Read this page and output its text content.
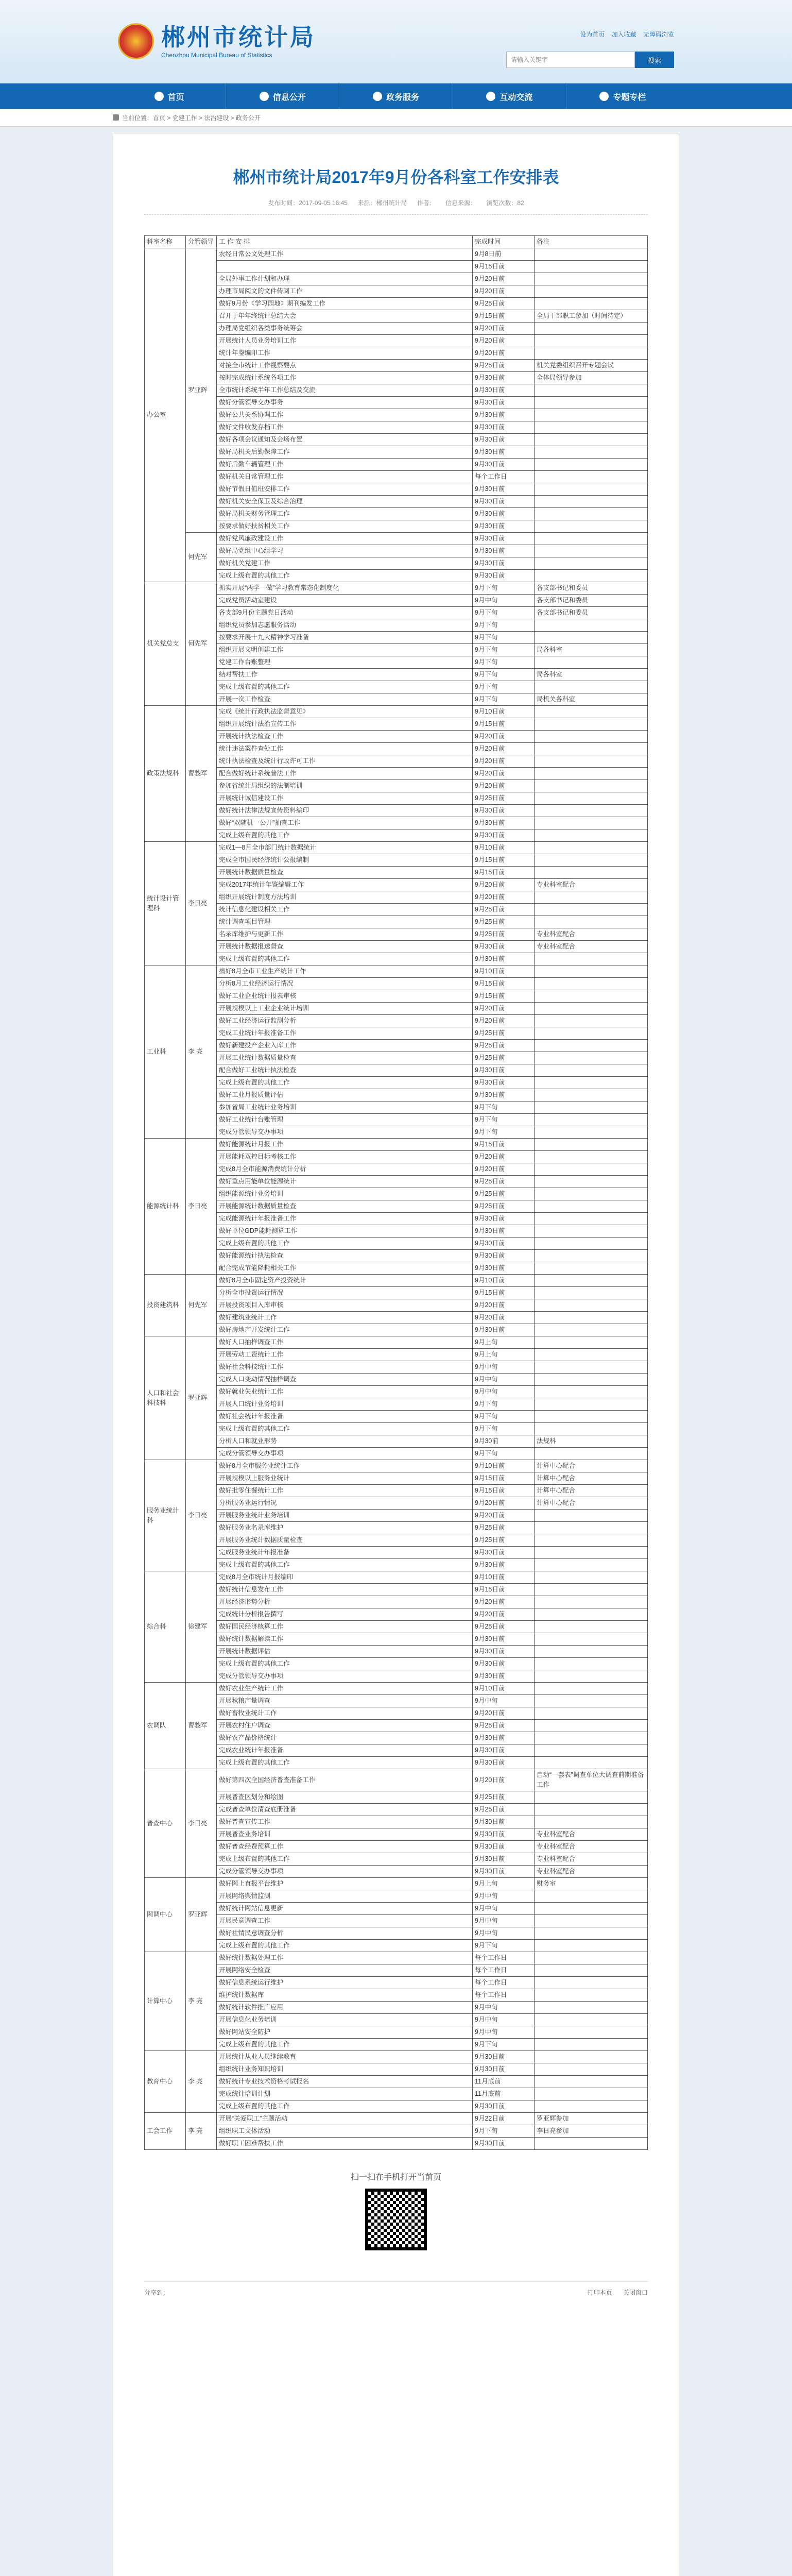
郴州市统计局
Chenzhou Municipal Bureau of Statistics
设为首页 加入收藏 无障碍浏览
请输入关键字
搜索
首页	信息公开	政务服务	互动交流	专题专栏
当前位置：首页 > 党建工作 > 法治建设 > 政务公开
郴州市统计局2017年9月份各科室工作安排表
发布时间：2017-09-05 16:45 来源：郴州统计局 作者： 信息来源： 浏览次数：82
科室名称	分管领导	工 作 安 排	完成时间	备注
办公室	罗亚辉	农经日常公文处理工作	9月8日前	
			9月15日前	
		全局外事工作计划和办理	9月20日前	
		办理市局阅文的文件传阅工作	9月20日前	
		做好9月份《学习园地》期刊编发工作	9月25日前	
		召开于年年终统计总结大会	9月15日前	全局干部职工参加（时间待定）
		办理局党组织各类事务统筹会	9月20日前	
		开展统计人员业务培训工作	9月20日前	
		统计年鉴编印工作	9月20日前	
		对接全市统计工作视察要点	9月25日前	机关党委组织召开专题会议
		按时完成统计系统各项工作	9月30日前	全体局领导参加
		全市统计系统半年工作总结及交流	9月30日前	
		做好分管领导交办事务	9月30日前	
		做好公共关系协调工作	9月30日前	
		做好文件收发存档工作	9月30日前	
		做好各项会议通知及会场布置	9月30日前	
		做好局机关后勤保障工作	9月30日前	
		做好后勤车辆管理工作	9月30日前	
		做好机关日常管理工作	每个工作日	
		做好节假日值班安排工作	9月30日前	
		做好机关安全保卫及综合治理	9月30日前	
		做好局机关财务管理工作	9月30日前	
		按要求做好扶贫相关工作	9月30日前	
	何先军	做好党风廉政建设工作	9月30日前	
		做好局党组中心组学习	9月30日前	
		做好机关党建工作	9月30日前	
		完成上级布置的其他工作	9月30日前	
机关党总支	何先军	抓实开展“两学一做”学习教育常态化制度化	9月下旬	各支部书记和委员
		完成党员活动室建设	9月中旬	各支部书记和委员
		各支部9月份主题党日活动	9月下旬	各支部书记和委员
		组织党员参加志愿服务活动	9月下旬	
		按要求开展十九大精神学习准备	9月下旬	
		组织开展文明创建工作	9月下旬	局各科室
		党建工作台账整理	9月下旬	
		结对帮扶工作	9月下旬	局各科室
		完成上级布置的其他工作	9月下旬	
		开展一次工作检查	9月下旬	局机关各科室
政策法规科	曹骏军	完成《统计行政执法监督意见》	9月10日前	
		组织开展统计法治宣传工作	9月15日前	
		开展统计执法检查工作	9月20日前	
		统计违法案件查处工作	9月20日前	
		统计执法检查及统计行政许可工作	9月20日前	
		配合做好统计系统普法工作	9月20日前	
		参加省统计局组织的法制培训	9月20日前	
		开展统计诚信建设工作	9月25日前	
		做好统计法律法规宣传资料编印	9月30日前	
		做好“双随机一公开”抽查工作	9月30日前	
		完成上级布置的其他工作	9月30日前	
统计设计管理科	李日亮	完成1—8月全市部门统计数据统计	9月10日前	
		完成全市国民经济统计公报编制	9月15日前	
		开展统计数据质量检查	9月15日前	
		完成2017年统计年鉴编辑工作	9月20日前	专业科室配合
		组织开展统计制度方法培训	9月20日前	
		统计信息化建设相关工作	9月25日前	
		统计调查项目管理	9月25日前	
		名录库维护与更新工作	9月25日前	专业科室配合
		开展统计数据报送督查	9月30日前	专业科室配合
		完成上级布置的其他工作	9月30日前	
工业科	李 亮	搞好8月全市工业生产统计工作	9月10日前	
		分析8月工业经济运行情况	9月15日前	
		做好工业企业统计报表审核	9月15日前	
		开展规模以上工业企业统计培训	9月20日前	
		做好工业经济运行监测分析	9月20日前	
		完成工业统计年报准备工作	9月25日前	
		做好新建投产企业入库工作	9月25日前	
		开展工业统计数据质量检查	9月25日前	
		配合做好工业统计执法检查	9月30日前	
		完成上级布置的其他工作	9月30日前	
		做好工业月报质量评估	9月30日前	
		参加省局工业统计业务培训	9月下旬	
		做好工业统计台账管理	9月下旬	
		完成分管领导交办事项	9月下旬	
能源统计科	李日亮	做好能源统计月报工作	9月15日前	
		开展能耗双控目标考核工作	9月20日前	
		完成8月全市能源消费统计分析	9月20日前	
		做好重点用能单位能源统计	9月25日前	
		组织能源统计业务培训	9月25日前	
		开展能源统计数据质量检查	9月25日前	
		完成能源统计年报准备工作	9月30日前	
		做好单位GDP能耗测算工作	9月30日前	
		完成上级布置的其他工作	9月30日前	
		做好能源统计执法检查	9月30日前	
		配合完成节能降耗相关工作	9月30日前	
投资建筑科	何先军	做好8月全市固定资产投资统计	9月10日前	
		分析全市投资运行情况	9月15日前	
		开展投资项目入库审核	9月20日前	
		做好建筑业统计工作	9月20日前	
		做好房地产开发统计工作	9月30日前	
人口和社会科技科	罗亚辉	做好人口抽样调查工作	9月上旬	
		开展劳动工资统计工作	9月上旬	
		做好社会科技统计工作	9月中旬	
		完成人口变动情况抽样调查	9月中旬	
		做好就业失业统计工作	9月中旬	
		开展人口统计业务培训	9月下旬	
		做好社会统计年报准备	9月下旬	
		完成上级布置的其他工作	9月下旬	
		分析人口和就业形势	9月30前	法规科
		完成分管领导交办事项	9月下旬	
服务业统计科	李日亮	做好8月全市服务业统计工作	9月10日前	计算中心配合
		开展规模以上服务业统计	9月15日前	计算中心配合
		做好批零住餐统计工作	9月15日前	计算中心配合
		分析服务业运行情况	9月20日前	计算中心配合
		开展服务业统计业务培训	9月20日前	
		做好服务业名录库维护	9月25日前	
		开展服务业统计数据质量检查	9月25日前	
		完成服务业统计年报准备	9月30日前	
		完成上级布置的其他工作	9月30日前	
综合科	徐建军	完成8月全市统计月报编印	9月10日前	
		做好统计信息发布工作	9月15日前	
		开展经济形势分析	9月20日前	
		完成统计分析报告撰写	9月20日前	
		做好国民经济核算工作	9月25日前	
		做好统计数据解读工作	9月30日前	
		开展统计数据评估	9月30日前	
		完成上级布置的其他工作	9月30日前	
		完成分管领导交办事项	9月30日前	
农调队	曹骏军	做好农业生产统计工作	9月10日前	
		开展秋粮产量调查	9月中旬	
		做好畜牧业统计工作	9月20日前	
		开展农村住户调查	9月25日前	
		做好农产品价格统计	9月30日前	
		完成农业统计年报准备	9月30日前	
		完成上级布置的其他工作	9月30日前	
普查中心	李日亮	做好第四次全国经济普查准备工作	9月20日前	启动“一套表”调查单位大调查前期准备工作
		开展普查区划分和绘图	9月25日前	
		完成普查单位清查底册准备	9月25日前	
		做好普查宣传工作	9月30日前	
		开展普查业务培训	9月30日前	专业科室配合
		做好普查经费预算工作	9月30日前	专业科室配合
		完成上级布置的其他工作	9月30日前	专业科室配合
		完成分管领导交办事项	9月30日前	专业科室配合
网调中心	罗亚辉	做好网上直报平台维护	9月上旬	财务室
		开展网络舆情监测	9月中旬	
		做好统计网站信息更新	9月中旬	
		开展民意调查工作	9月中旬	
		做好社情民意调查分析	9月中旬	
		完成上级布置的其他工作	9月下旬	
计算中心	李 亮	做好统计数据处理工作	每个工作日	
		开展网络安全检查	每个工作日	
		做好信息系统运行维护	每个工作日	
		维护统计数据库	每个工作日	
		做好统计软件推广应用	9月中旬	
		开展信息化业务培训	9月中旬	
		做好网站安全防护	9月中旬	
		完成上级布置的其他工作	9月下旬	
教育中心	李 亮	开展统计从业人员继续教育	9月30日前	
		组织统计业务知识培训	9月30日前	
		做好统计专业技术资格考试报名	11月底前	
		完成统计培训计划	11月底前	
		完成上级布置的其他工作	9月30日前	
工会工作	李 亮	开展“关爱职工”主题活动	9月22日前	罗亚辉参加
		组织职工文体活动	9月下旬	李日亮参加
		做好职工困难帮扶工作	9月30日前	
扫一扫在手机打开当前页
分享到：	打印本页 关闭窗口
